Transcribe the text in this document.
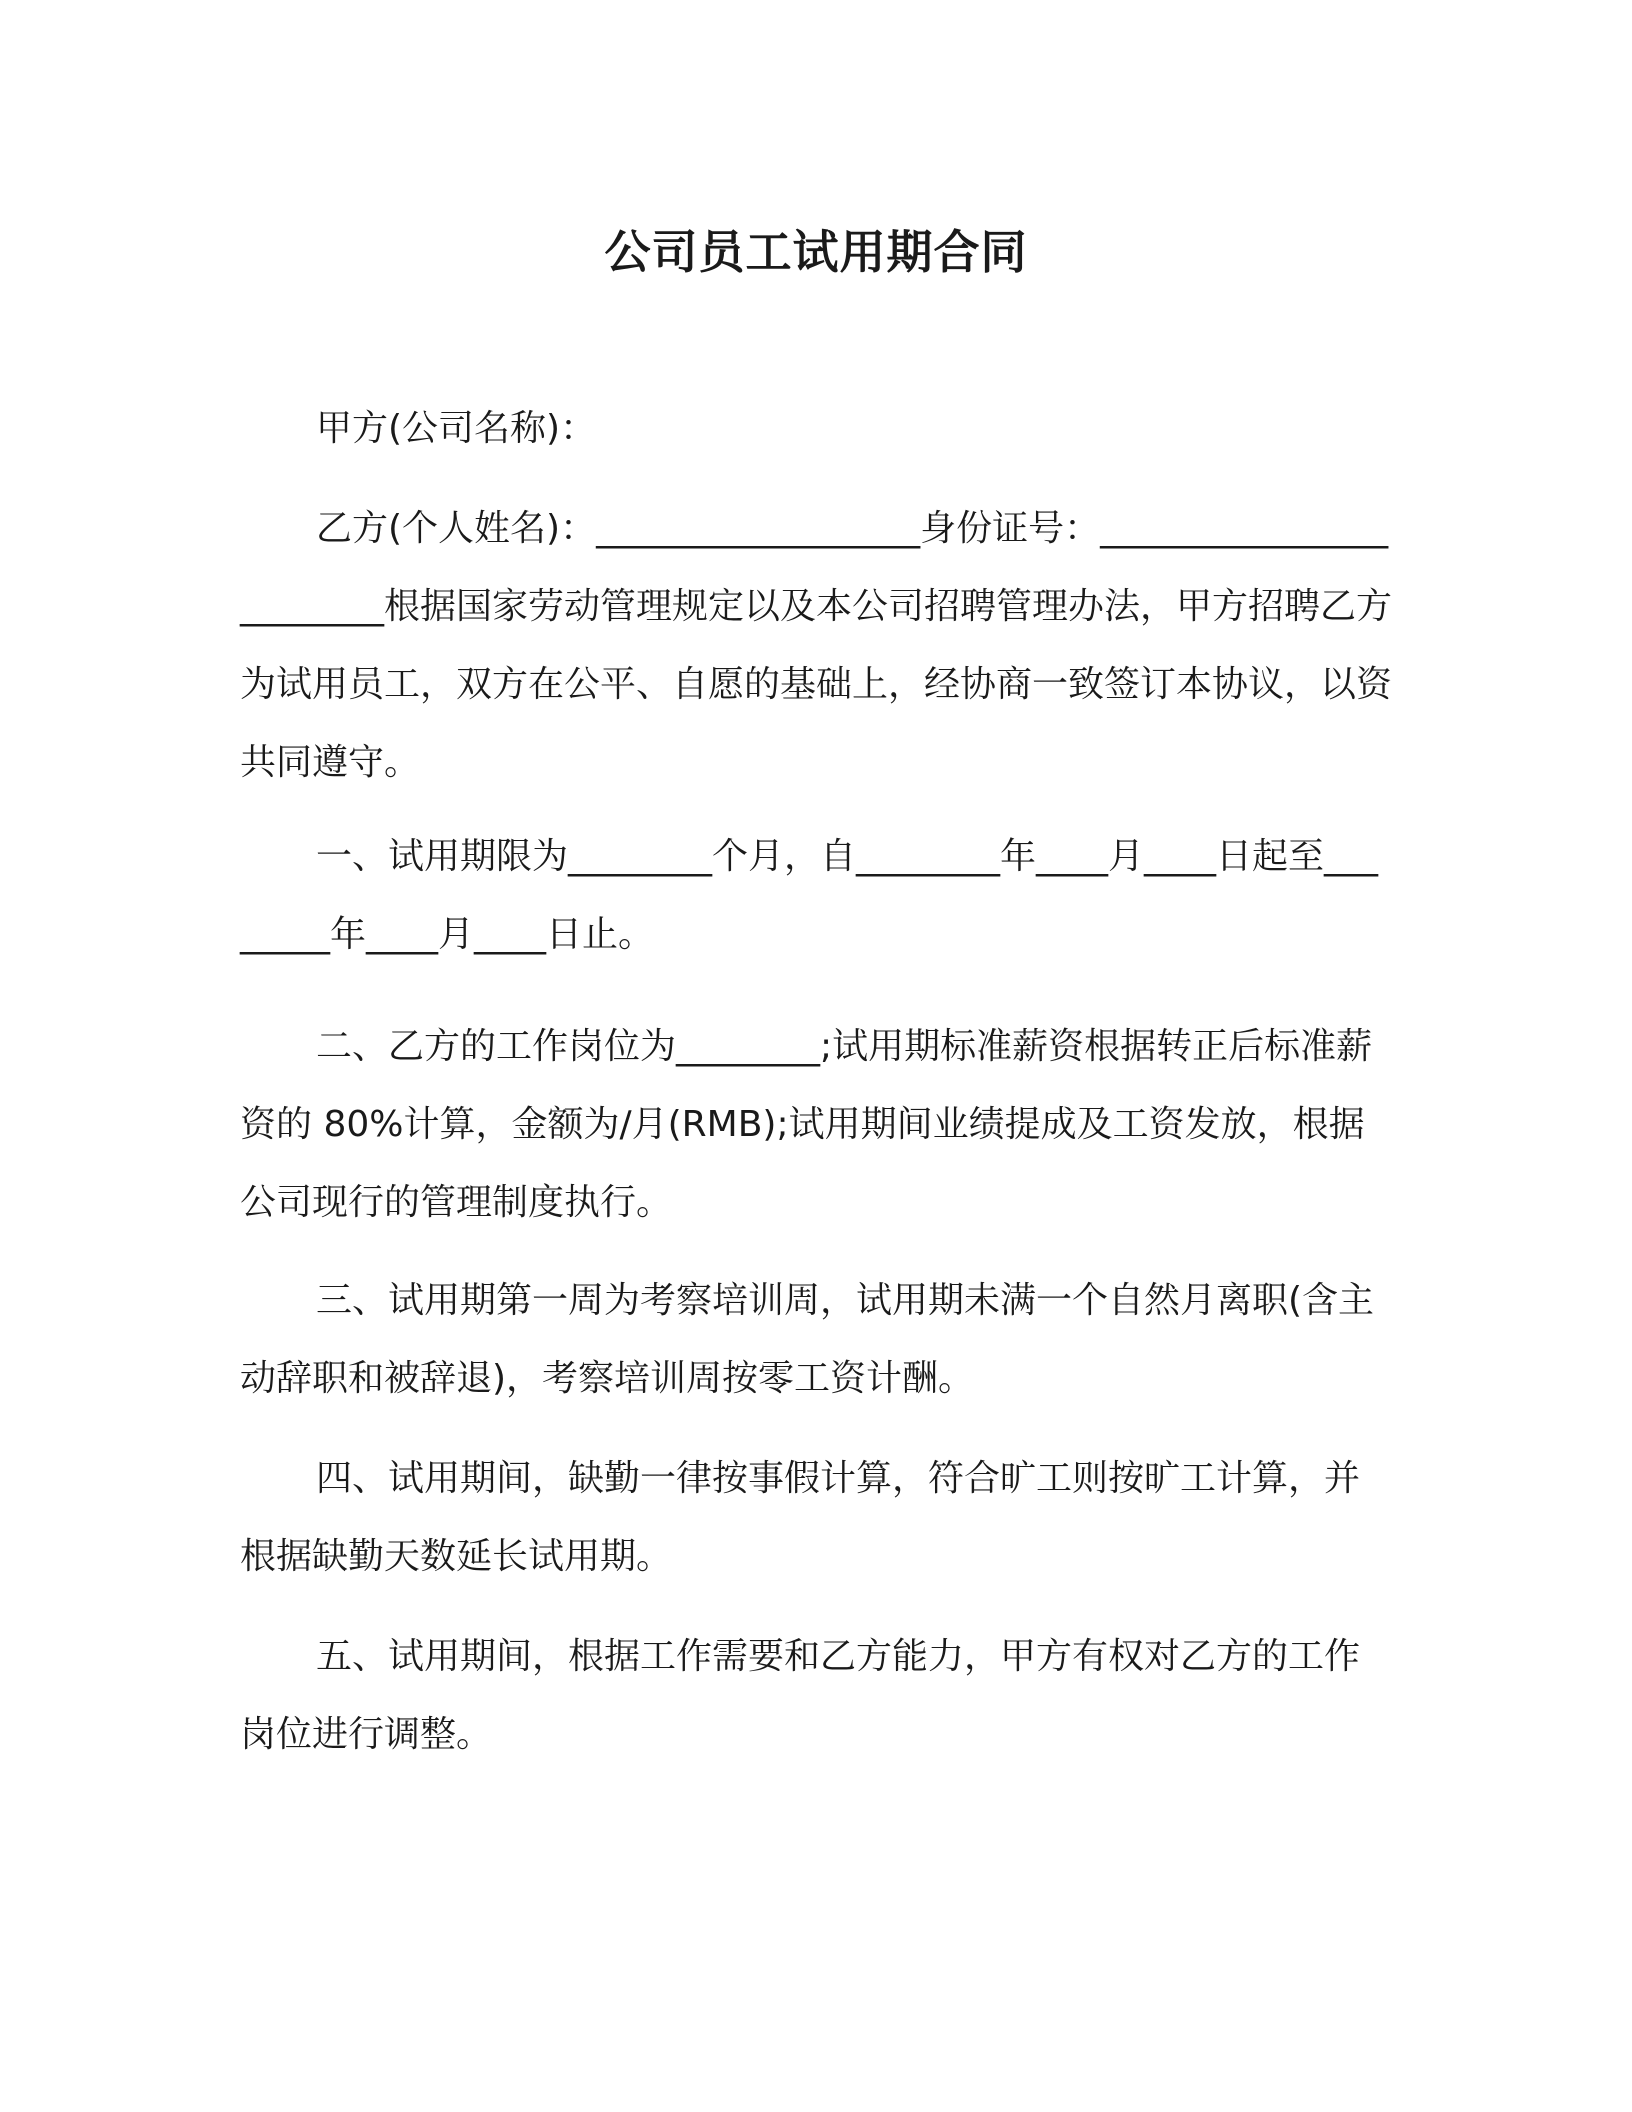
公司员工试用期合同

甲方(公司名称)：

乙方(个人姓名)：__________________身份证号：________________________根据国家劳动管理规定以及本公司招聘管理办法，甲方招聘乙方为试用员工，双方在公平、自愿的基础上，经协商一致签订本协议，以资共同遵守。

一、试用期限为________个月，自________年____月____日起至________年____月____日止。

二、乙方的工作岗位为________;试用期标准薪资根据转正后标准薪资的 80%计算，金额为/月(RMB);试用期间业绩提成及工资发放，根据公司现行的管理制度执行。

三、试用期第一周为考察培训周，试用期未满一个自然月离职(含主动辞职和被辞退)，考察培训周按零工资计酬。

四、试用期间，缺勤一律按事假计算，符合旷工则按旷工计算，并根据缺勤天数延长试用期。

五、试用期间，根据工作需要和乙方能力，甲方有权对乙方的工作岗位进行调整。
